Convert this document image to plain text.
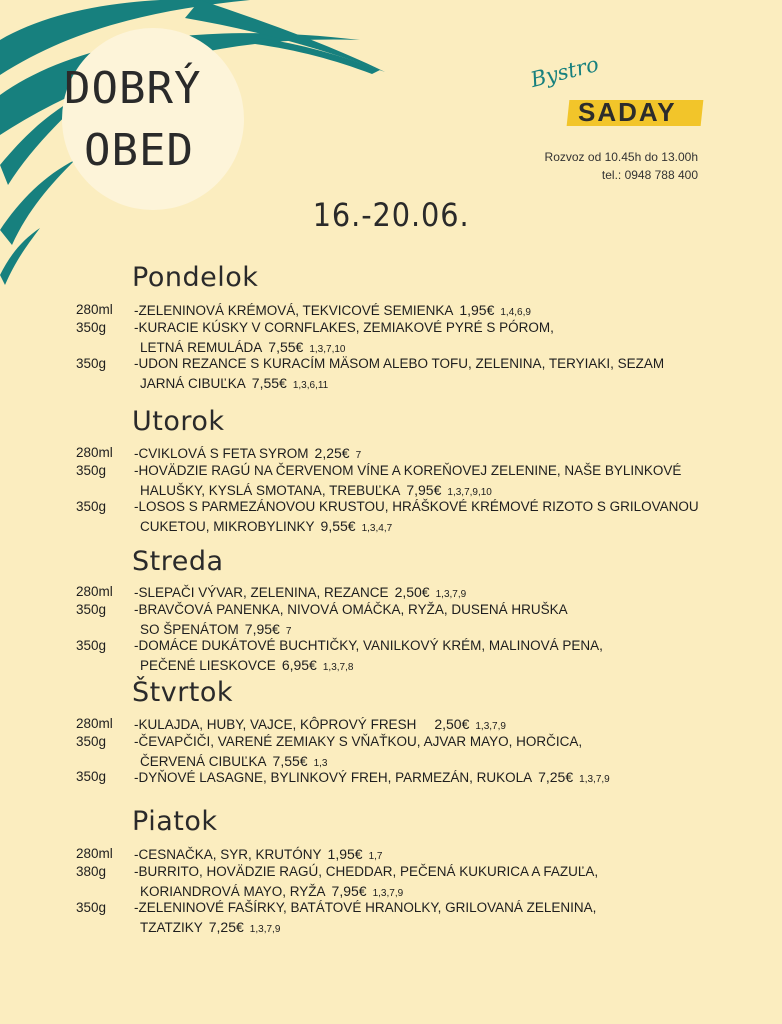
DOBRÝ
OBED
Bystro
SADAY
Rozvoz od 10.45h do 13.00h
tel.: 0948 788 400
16.-20.06.
Pondelok
280ml -ZELENINOVÁ KRÉMOVÁ, TEKVICOVÉ SEMIENKA 1,95€ 1,4,6,9
350g -KURACIE KÚSKY V CORNFLAKES, ZEMIAKOVÉ PYRÉ S PÓROM,
LETNÁ REMULÁDA 7,55€ 1,3,7,10
350g -UDON REZANCE S KURACÍM MÄSOM ALEBO TOFU, ZELENINA, TERYIAKI, SEZAM
JARNÁ CIBUĽKA 7,55€ 1,3,6,11
Utorok
280ml -CVIKLOVÁ S FETA SYROM 2,25€ 7
350g -HOVÄDZIE RAGÚ NA ČERVENOM VÍNE A KOREŇOVEJ ZELENINE, NAŠE BYLINKOVÉ
HALUŠKY, KYSLÁ SMOTANA, TREBUĽKA 7,95€ 1,3,7,9,10
350g -LOSOS S PARMEZÁNOVOU KRUSTOU, HRÁŠKOVÉ KRÉMOVÉ RIZOTO S GRILOVANOU
CUKETOU, MIKROBYLINKY 9,55€ 1,3,4,7
Streda
280ml -SLEPAČI VÝVAR, ZELENINA, REZANCE 2,50€ 1,3,7,9
350g -BRAVČOVÁ PANENKA, NIVOVÁ OMÁČKA, RYŽA, DUSENÁ HRUŠKA
SO ŠPENÁTOM 7,95€ 7
350g -DOMÁCE DUKÁTOVÉ BUCHTIČKY, VANILKOVÝ KRÉM, MALINOVÁ PENA,
PEČENÉ LIESKOVCE 6,95€ 1,3,7,8
Štvrtok
280ml -KULAJDA, HUBY, VAJCE, KÔPROVÝ FRESH 2,50€ 1,3,7,9
350g -ČEVAPČIČI, VARENÉ ZEMIAKY S VŇAŤKOU, AJVAR MAYO, HORČICA,
ČERVENÁ CIBUĽKA 7,55€ 1,3
350g -DYŇOVÉ LASAGNE, BYLINKOVÝ FREH, PARMEZÁN, RUKOLA 7,25€ 1,3,7,9
Piatok
280ml -CESNAČKA, SYR, KRUTÓNY 1,95€ 1,7
380g -BURRITO, HOVÄDZIE RAGÚ, CHEDDAR, PEČENÁ KUKURICA A FAZUĽA,
KORIANDROVÁ MAYO, RYŽA 7,95€ 1,3,7,9
350g -ZELENINOVÉ FAŠÍRKY, BATÁTOVÉ HRANOLKY, GRILOVANÁ ZELENINA,
TZATZIKY 7,25€ 1,3,7,9
